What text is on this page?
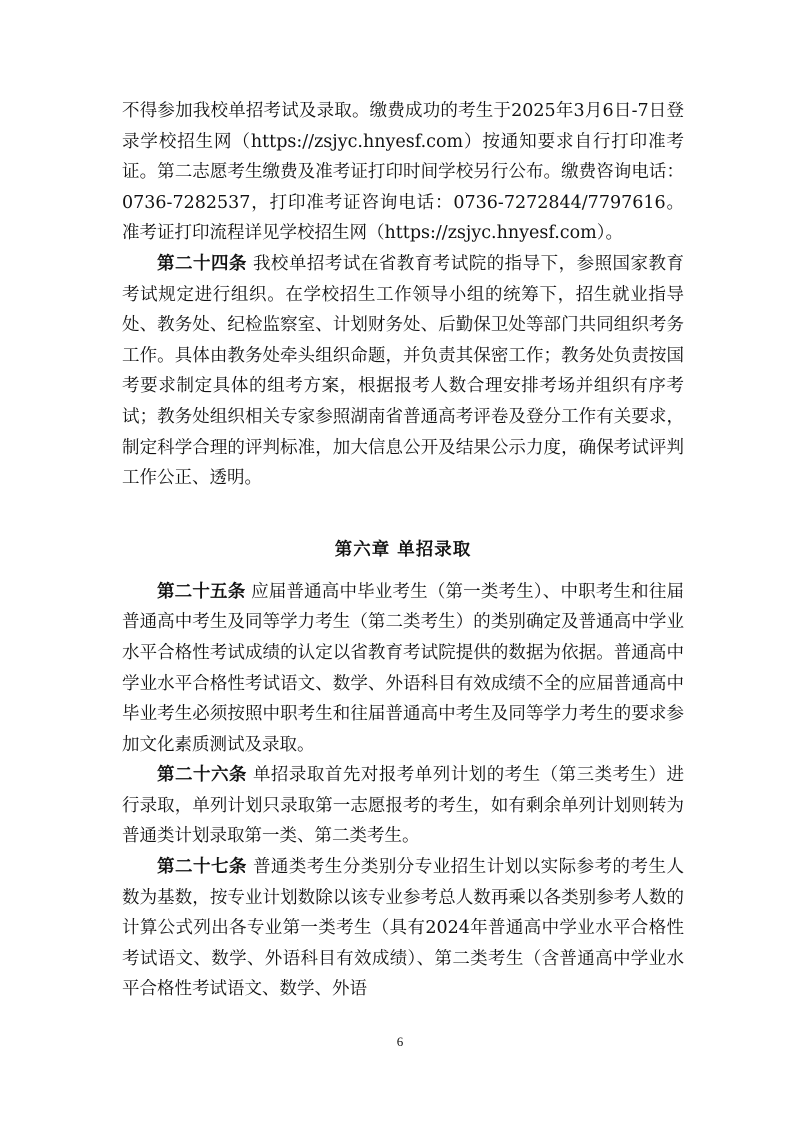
不得参加我校单招考试及录取。缴费成功的考生于2025年3月6日-7日登录学校招生网（https://zsjyc.hnyesf.com）按通知要求自行打印准考证。第二志愿考生缴费及准考证打印时间学校另行公布。缴费咨询电话：0736-7282537，打印准考证咨询电话：0736-7272844/7797616。准考证打印流程详见学校招生网（https://zsjyc.hnyesf.com）。

第二十四条 我校单招考试在省教育考试院的指导下，参照国家教育考试规定进行组织。在学校招生工作领导小组的统筹下，招生就业指导处、教务处、纪检监察室、计划财务处、后勤保卫处等部门共同组织考务工作。具体由教务处牵头组织命题，并负责其保密工作；教务处负责按国考要求制定具体的组考方案，根据报考人数合理安排考场并组织有序考试；教务处组织相关专家参照湖南省普通高考评卷及登分工作有关要求，制定科学合理的评判标准，加大信息公开及结果公示力度，确保考试评判工作公正、透明。

第六章 单招录取

第二十五条 应届普通高中毕业考生（第一类考生）、中职考生和往届普通高中考生及同等学力考生（第二类考生）的类别确定及普通高中学业水平合格性考试成绩的认定以省教育考试院提供的数据为依据。普通高中学业水平合格性考试语文、数学、外语科目有效成绩不全的应届普通高中毕业考生必须按照中职考生和往届普通高中考生及同等学力考生的要求参加文化素质测试及录取。

第二十六条 单招录取首先对报考单列计划的考生（第三类考生）进行录取，单列计划只录取第一志愿报考的考生，如有剩余单列计划则转为普通类计划录取第一类、第二类考生。

第二十七条 普通类考生分类别分专业招生计划以实际参考的考生人数为基数，按专业计划数除以该专业参考总人数再乘以各类别参考人数的计算公式列出各专业第一类考生（具有2024年普通高中学业水平合格性考试语文、数学、外语科目有效成绩）、第二类考生（含普通高中学业水平合格性考试语文、数学、外语

6
